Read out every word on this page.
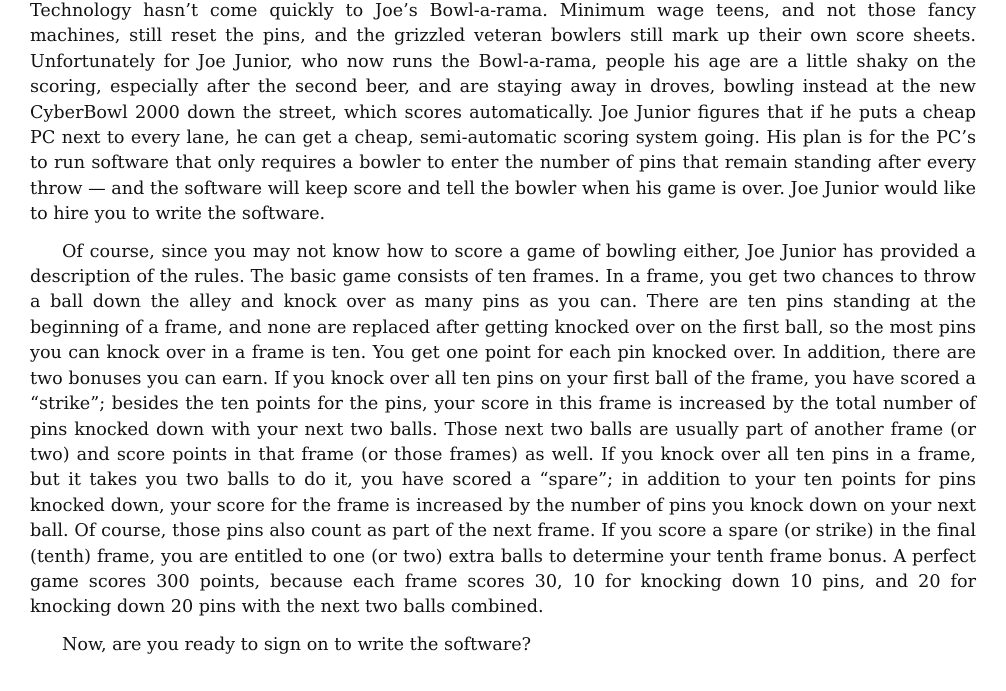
Technology hasn’t come quickly to Joe’s Bowl-a-rama. Minimum wage teens, and not those fancy machines, still reset the pins, and the grizzled veteran bowlers still mark up their own score sheets. Unfortunately for Joe Junior, who now runs the Bowl-a-rama, people his age are a little shaky on the scoring, especially after the second beer, and are staying away in droves, bowling instead at the new CyberBowl 2000 down the street, which scores automatically. Joe Junior figures that if he puts a cheap PC next to every lane, he can get a cheap, semi-automatic scoring system going. His plan is for the PC’s to run software that only requires a bowler to enter the number of pins that remain standing after every throw — and the software will keep score and tell the bowler when his game is over. Joe Junior would like to hire you to write the software.

Of course, since you may not know how to score a game of bowling either, Joe Junior has provided a description of the rules. The basic game consists of ten frames. In a frame, you get two chances to throw a ball down the alley and knock over as many pins as you can. There are ten pins standing at the beginning of a frame, and none are replaced after getting knocked over on the first ball, so the most pins you can knock over in a frame is ten. You get one point for each pin knocked over. In addition, there are two bonuses you can earn. If you knock over all ten pins on your first ball of the frame, you have scored a “strike”; besides the ten points for the pins, your score in this frame is increased by the total number of pins knocked down with your next two balls. Those next two balls are usually part of another frame (or two) and score points in that frame (or those frames) as well. If you knock over all ten pins in a frame, but it takes you two balls to do it, you have scored a “spare”; in addition to your ten points for pins knocked down, your score for the frame is increased by the number of pins you knock down on your next ball. Of course, those pins also count as part of the next frame. If you score a spare (or strike) in the final (tenth) frame, you are entitled to one (or two) extra balls to determine your tenth frame bonus. A perfect game scores 300 points, because each frame scores 30, 10 for knocking down 10 pins, and 20 for knocking down 20 pins with the next two balls combined.

Now, are you ready to sign on to write the software?
